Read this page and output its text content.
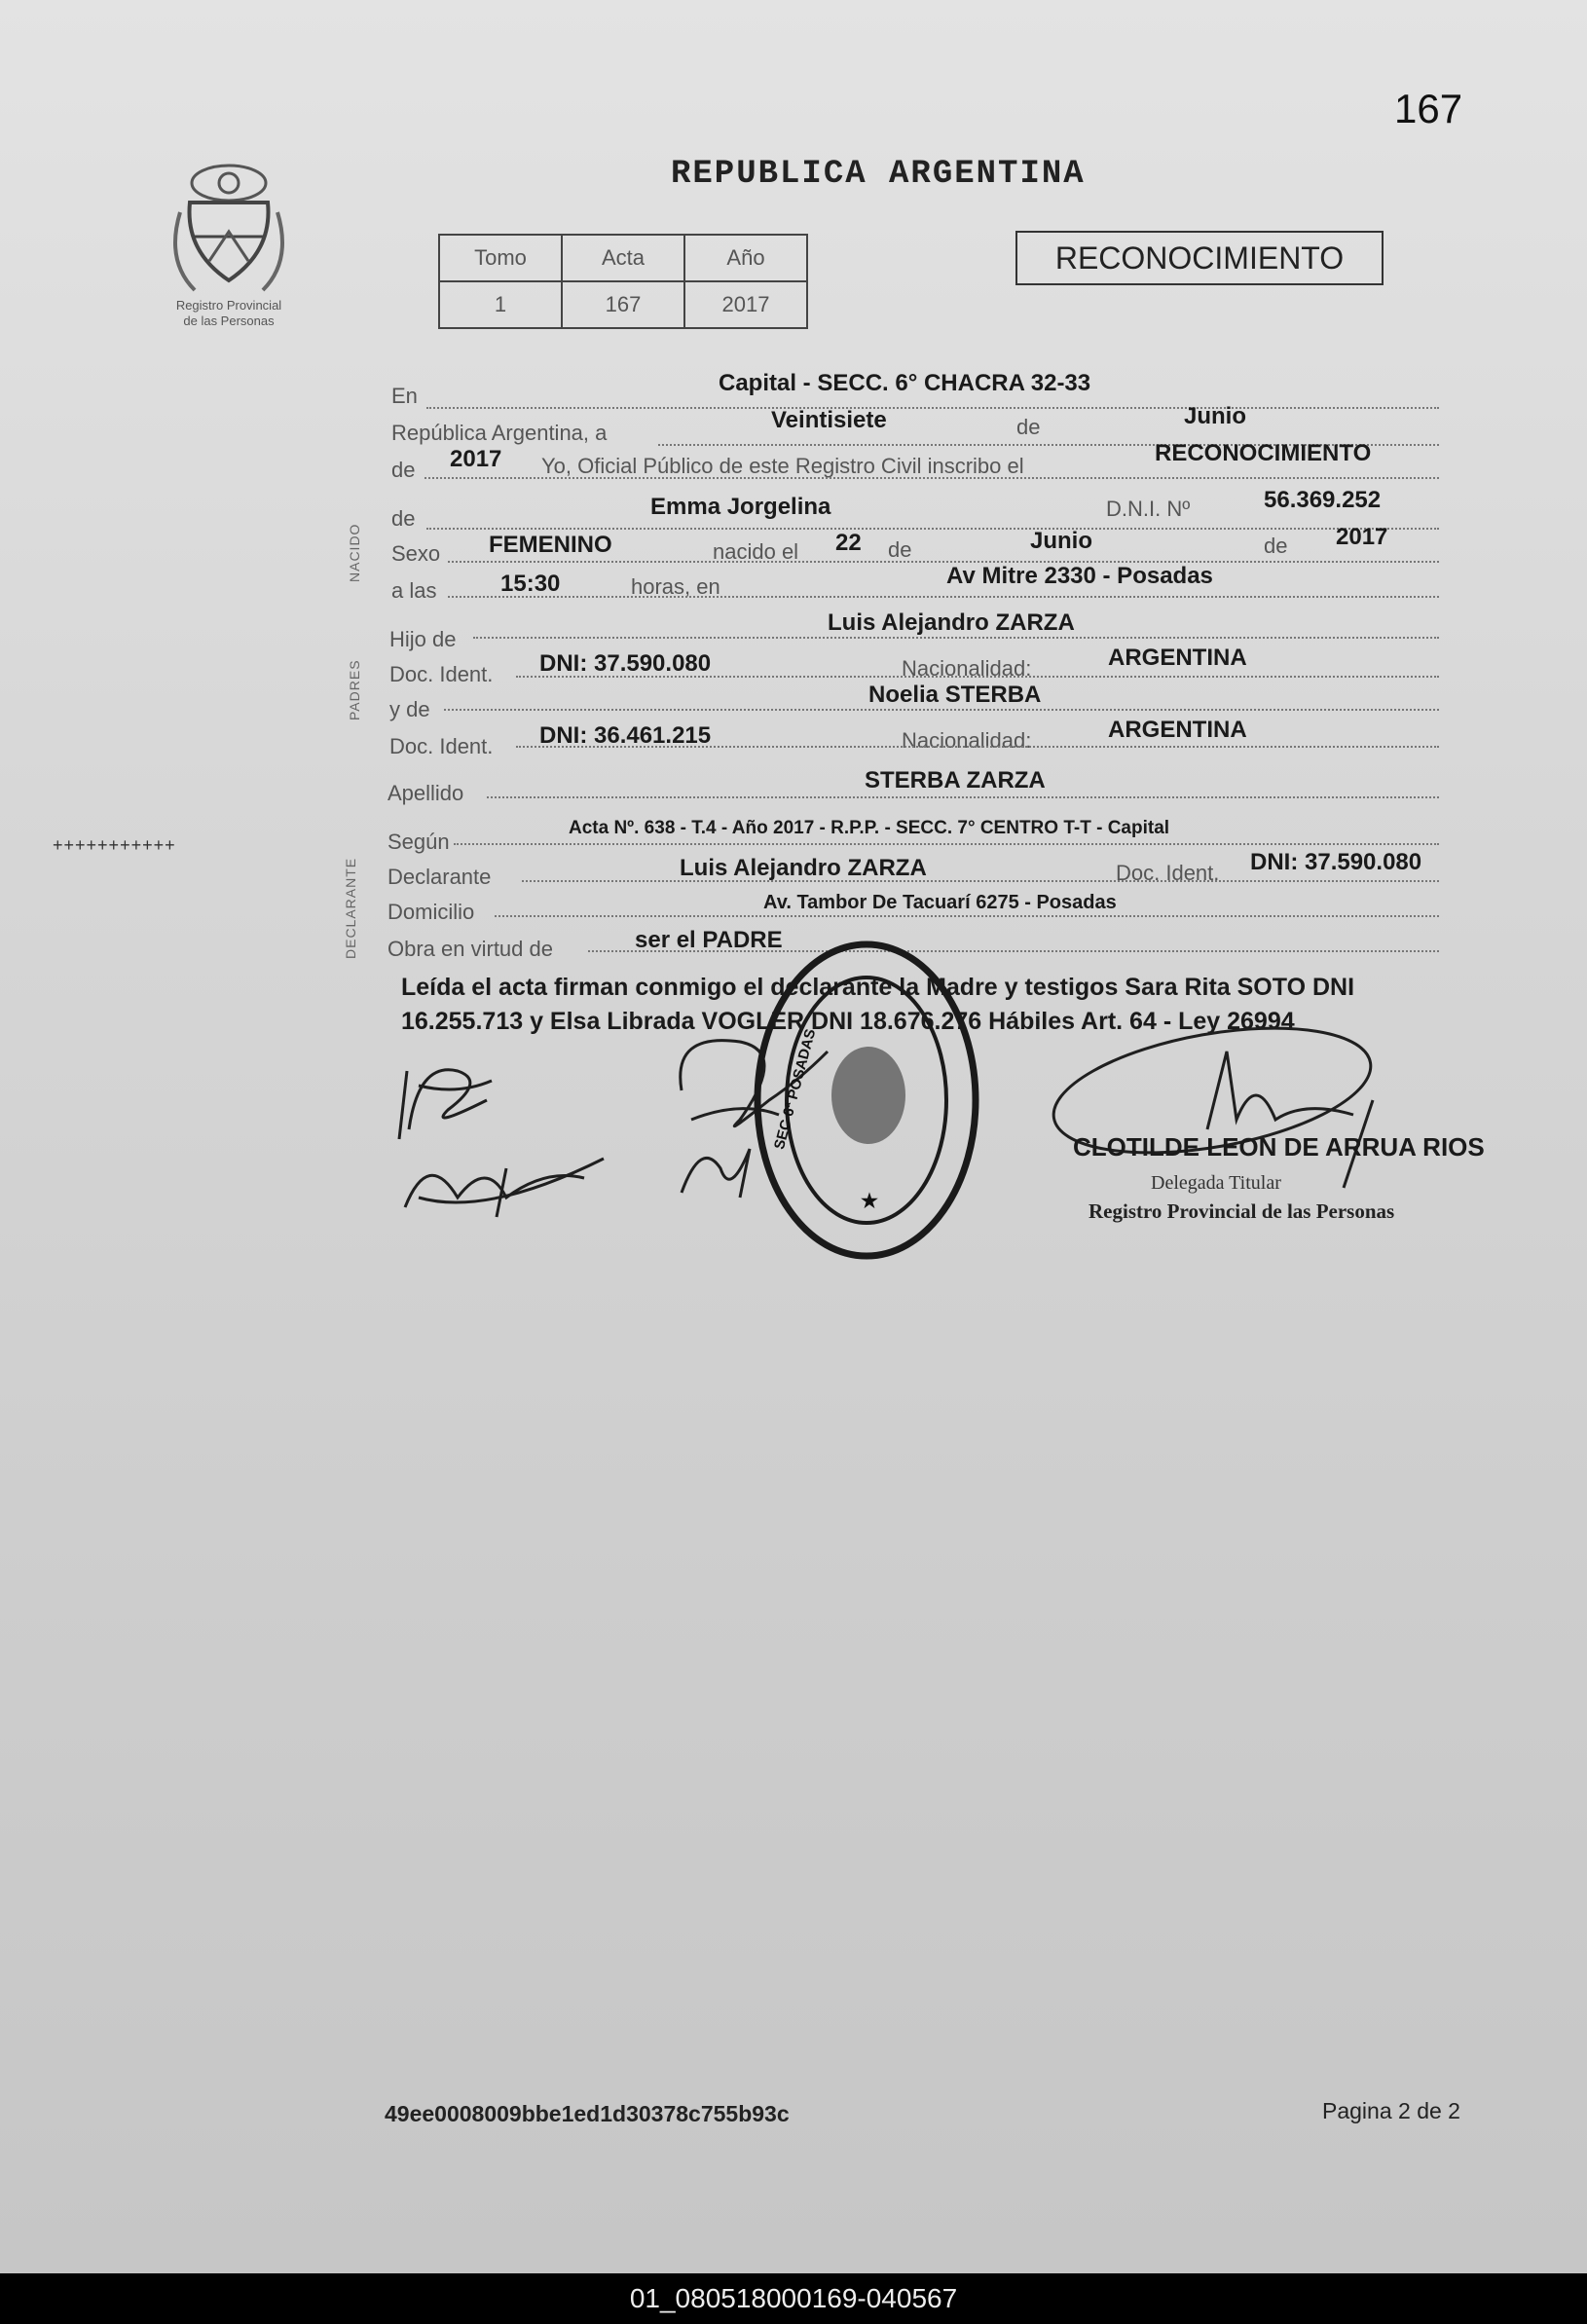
167
Registro Provincial
de las Personas
REPUBLICA ARGENTINA
Tomo	Acta	Año
1	167	2017
RECONOCIMIENTO
NACIDO
PADRES
DECLARANTE
En	Capital - SECC. 6° CHACRA 32-33
República Argentina, a	Veintisiete	de	Junio
de 2017 Yo, Oficial Público de este Registro Civil inscribo el	RECONOCIMIENTO
de	Emma Jorgelina	D.N.I. Nº	56.369.252
Sexo FEMENINO	nacido el 22 de	Junio	de 2017
a las	15:30	horas, en	Av Mitre 2330 - Posadas
Hijo de
Luis Alejandro ZARZA
Doc. Ident. DNI: 37.590.080	Nacionalidad:	ARGENTINA
y de
Noelia STERBA
Doc. Ident. DNI: 36.461.215	Nacionalidad:	ARGENTINA
Apellido	STERBA ZARZA
+++++++++++	Según
Acta Nº. 638 - T.4 - Año 2017 - R.P.P. - SECC. 7° CENTRO T-T - Capital
Declarante	Luis Alejandro ZARZA	Doc. Ident. DNI: 37.590.080
Domicilio	Av. Tambor De Tacuarí 6275 - Posadas
Obra en virtud de	ser el PADRE
Leída el acta firman conmigo el declarante la Madre y testigos Sara Rita SOTO DNI 16.255.713 y Elsa Librada VOGLER DNI 18.676.276 Hábiles Art. 64 - Ley 26994
★
SEC 6ª POSADAS	CLOTILDE LEON DE ARRUA RIOS
Delegada Titular
Registro Provincial de las Personas
49ee0008009bbe1ed1d30378c755b93c	Pagina 2 de 2
01_080518000169-040567
